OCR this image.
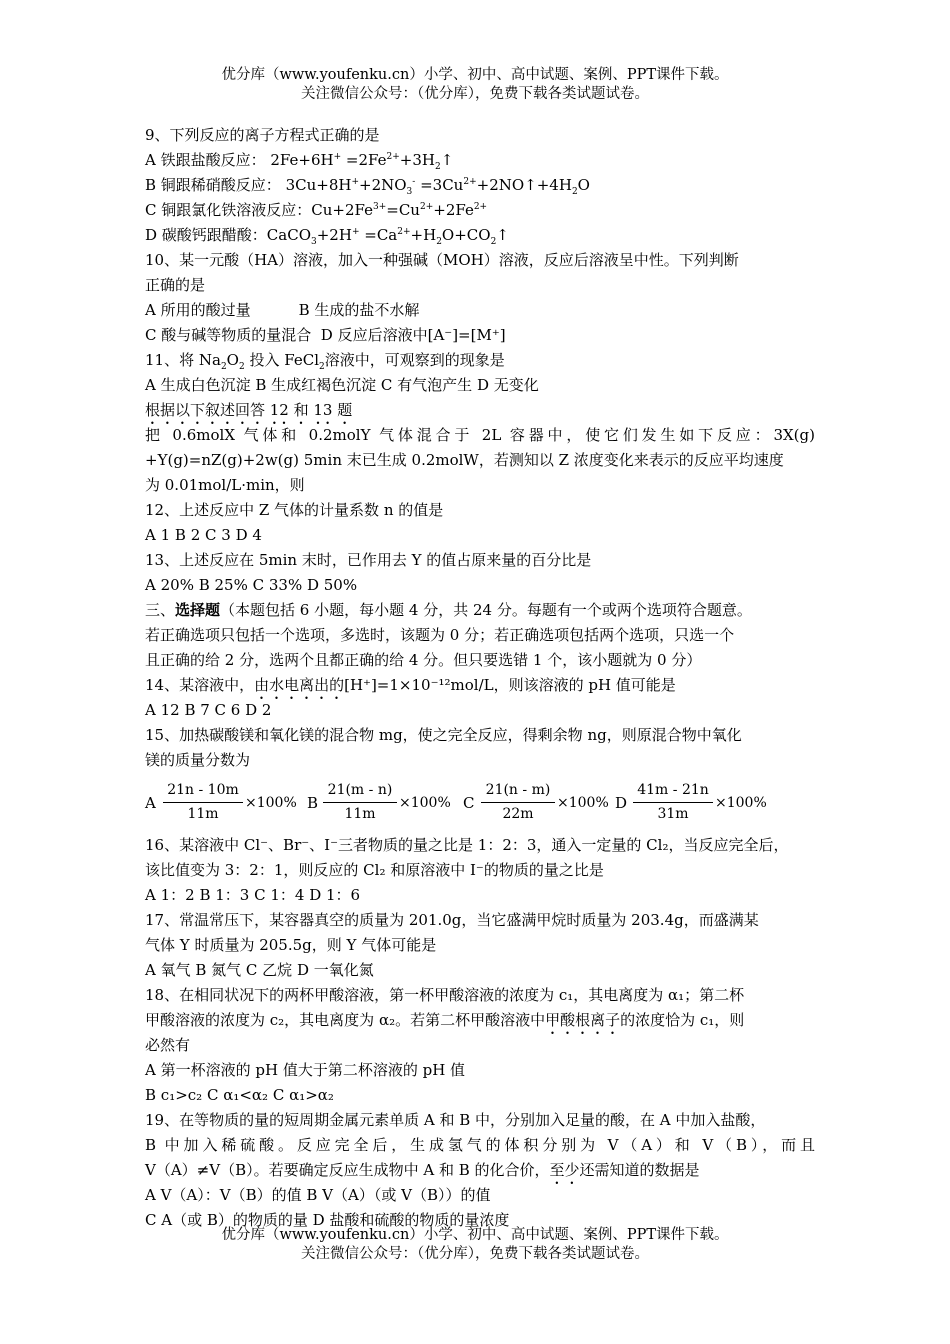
优分库（www.youfenku.cn）小学、初中、高中试题、案例、PPT课件下载。
关注微信公众号：（优分库），免费下载各类试题试卷。
9、下列反应的离子方程式正确的是
A 铁跟盐酸反应： $2Fe+6H^+ =2Fe^{2+}+3H_2↑$
B 铜跟稀硝酸反应： $3Cu+8H^++2NO_3^-$ $=3Cu^{2+}+2NO↑+4H_2O$
C 铜跟氯化铁溶液反应：$Cu+2Fe^{3+}=Cu^{2+}+2Fe^{2+}$
D 碳酸钙跟醋酸：CaCO$_3$+2H+ $=Ca^{2+}+H_2O+CO_2↑$
10、某一元酸（HA）溶液，加入一种强碱（MOH）溶液，反应后溶液呈中性。下列判断
正确的是
A 所用的酸过量	B 生成的盐不水解
C 酸与碱等物质的量混合 D 反应后溶液中[A⁻]=[M⁺]
11、将 $Na_2O_2$ 投入 FeCl$_2$溶液中，可观察到的现象是
A 生成白色沉淀 B 生成红褐色沉淀 C 有气泡产生 D 无变化
根据以下叙述回答 12 和 13 题
把 0.6molX 气体和 0.2molY 气体混合于 2L 容器中，使它们发生如下反应：3X(g)
+Y(g)=nZ(g)+2w(g) 5min 末已生成 0.2molW，若测知以 Z 浓度变化来表示的反应平均速度
为 0.01mol/L·min，则
12、上述反应中 Z 气体的计量系数 n 的值是
A 1 B 2 C 3 D 4
13、上述反应在 5min 末时，已作用去 Y 的值占原来量的百分比是
A 20% B 25% C 33% D 50%
三、选择题（本题包括 6 小题，每小题 4 分，共 24 分。每题有一个或两个选项符合题意。
若正确选项只包括一个选项，多选时，该题为 0 分；若正确选项包括两个选项，只选一个
且正确的给 2 分，选两个且都正确的给 4 分。但只要选错 1 个，该小题就为 0 分）
14、某溶液中，由水电离出的[H⁺]=1×10⁻¹²mol/L，则该溶液的 pH 值可能是
A 12 B 7 C 6 D 2
15、加热碳酸镁和氧化镁的混合物 mg，使之完全反应，得剩余物 ng，则原混合物中氧化
镁的质量分数为
A
21n - 10m
11m
×100% B
21(m - n)
11m
×100% C
21(n - m)
22m
×100% D
41m - 21n
31m
×100%
16、某溶液中 Cl⁻、Br⁻、I⁻三者物质的量之比是 1：2：3，通入一定量的 Cl₂，当反应完全后，
该比值变为 3：2：1，则反应的 Cl₂ 和原溶液中 I⁻的物质的量之比是
A 1：2 B 1：3 C 1：4 D 1：6
17、常温常压下，某容器真空的质量为 201.0g，当它盛满甲烷时质量为 203.4g，而盛满某
气体 Y 时质量为 205.5g，则 Y 气体可能是
A 氧气 B 氮气 C 乙烷 D 一氧化氮
18、在相同状况下的两杯甲酸溶液，第一杯甲酸溶液的浓度为 c₁，其电离度为 α₁；第二杯
甲酸溶液的浓度为 c₂，其电离度为 α₂。若第二杯甲酸溶液中甲酸根离子的浓度恰为 c₁，则
必然有
A 第一杯溶液的 pH 值大于第二杯溶液的 pH 值
B c₁>c₂ C α₁<α₂ C α₁>α₂
19、在等物质的量的短周期金属元素单质 A 和 B 中，分别加入足量的酸，在 A 中加入盐酸，
B 中加入稀硫酸。反应完全后，生成氢气的体积分别为 V（A）和 V（B），而且
V（A）≠V（B）。若要确定反应生成物中 A 和 B 的化合价，至少还需知道的数据是
A V（A）：V（B）的值 B V（A）（或 V（B））的值
C A（或 B）的物质的量 D 盐酸和硫酸的物质的量浓度
优分库（www.youfenku.cn）小学、初中、高中试题、案例、PPT课件下载。
关注微信公众号：（优分库），免费下载各类试题试卷。
